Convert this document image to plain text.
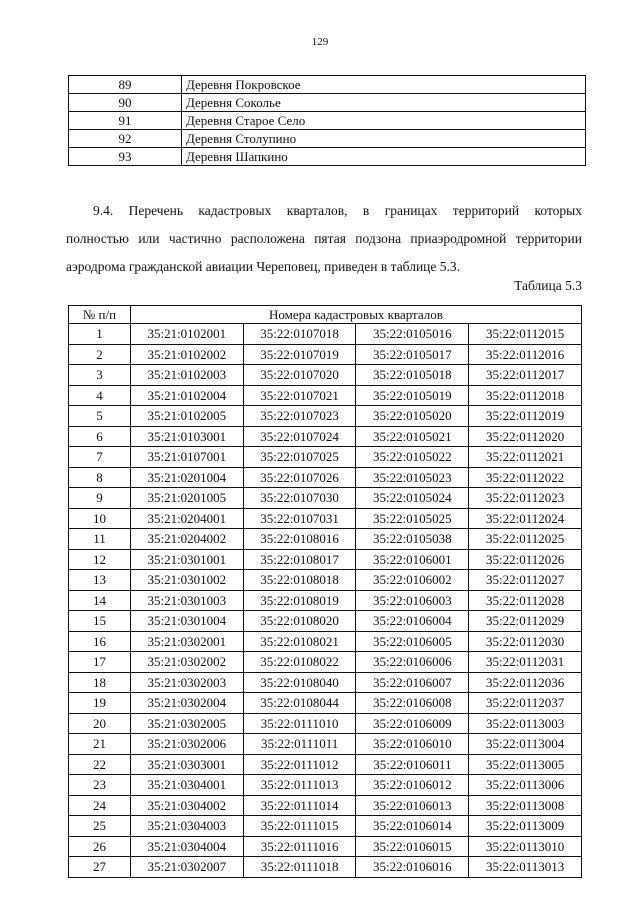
129
89	Деревня Покровское
90	Деревня Сокольe
91	Деревня Старое Село
92	Деревня Столупино
93	Деревня Шапкино
9.4. Перечень кадастровых кварталов, в границах территорий которых
полностью или частично расположена пятая подзона приаэродромной территории
аэродрома гражданской авиации Череповец, приведен в таблице 5.3.
Таблица 5.3
№ п/п	Номера кадастровых кварталов			
1	35:21:0102001	35:22:0107018	35:22:0105016	35:22:0112015
2	35:21:0102002	35:22:0107019	35:22:0105017	35:22:0112016
3	35:21:0102003	35:22:0107020	35:22:0105018	35:22:0112017
4	35:21:0102004	35:22:0107021	35:22:0105019	35:22:0112018
5	35:21:0102005	35:22:0107023	35:22:0105020	35:22:0112019
6	35:21:0103001	35:22:0107024	35:22:0105021	35:22:0112020
7	35:21:0107001	35:22:0107025	35:22:0105022	35:22:0112021
8	35:21:0201004	35:22:0107026	35:22:0105023	35:22:0112022
9	35:21:0201005	35:22:0107030	35:22:0105024	35:22:0112023
10	35:21:0204001	35:22:0107031	35:22:0105025	35:22:0112024
11	35:21:0204002	35:22:0108016	35:22:0105038	35:22:0112025
12	35:21:0301001	35:22:0108017	35:22:0106001	35:22:0112026
13	35:21:0301002	35:22:0108018	35:22:0106002	35:22:0112027
14	35:21:0301003	35:22:0108019	35:22:0106003	35:22:0112028
15	35:21:0301004	35:22:0108020	35:22:0106004	35:22:0112029
16	35:21:0302001	35:22:0108021	35:22:0106005	35:22:0112030
17	35:21:0302002	35:22:0108022	35:22:0106006	35:22:0112031
18	35:21:0302003	35:22:0108040	35:22:0106007	35:22:0112036
19	35:21:0302004	35:22:0108044	35:22:0106008	35:22:0112037
20	35:21:0302005	35:22:0111010	35:22:0106009	35:22:0113003
21	35:21:0302006	35:22:0111011	35:22:0106010	35:22:0113004
22	35:21:0303001	35:22:0111012	35:22:0106011	35:22:0113005
23	35:21:0304001	35:22:0111013	35:22:0106012	35:22:0113006
24	35:21:0304002	35:22:0111014	35:22:0106013	35:22:0113008
25	35:21:0304003	35:22:0111015	35:22:0106014	35:22:0113009
26	35:21:0304004	35:22:0111016	35:22:0106015	35:22:0113010
27	35:21:0302007	35:22:0111018	35:22:0106016	35:22:0113013
